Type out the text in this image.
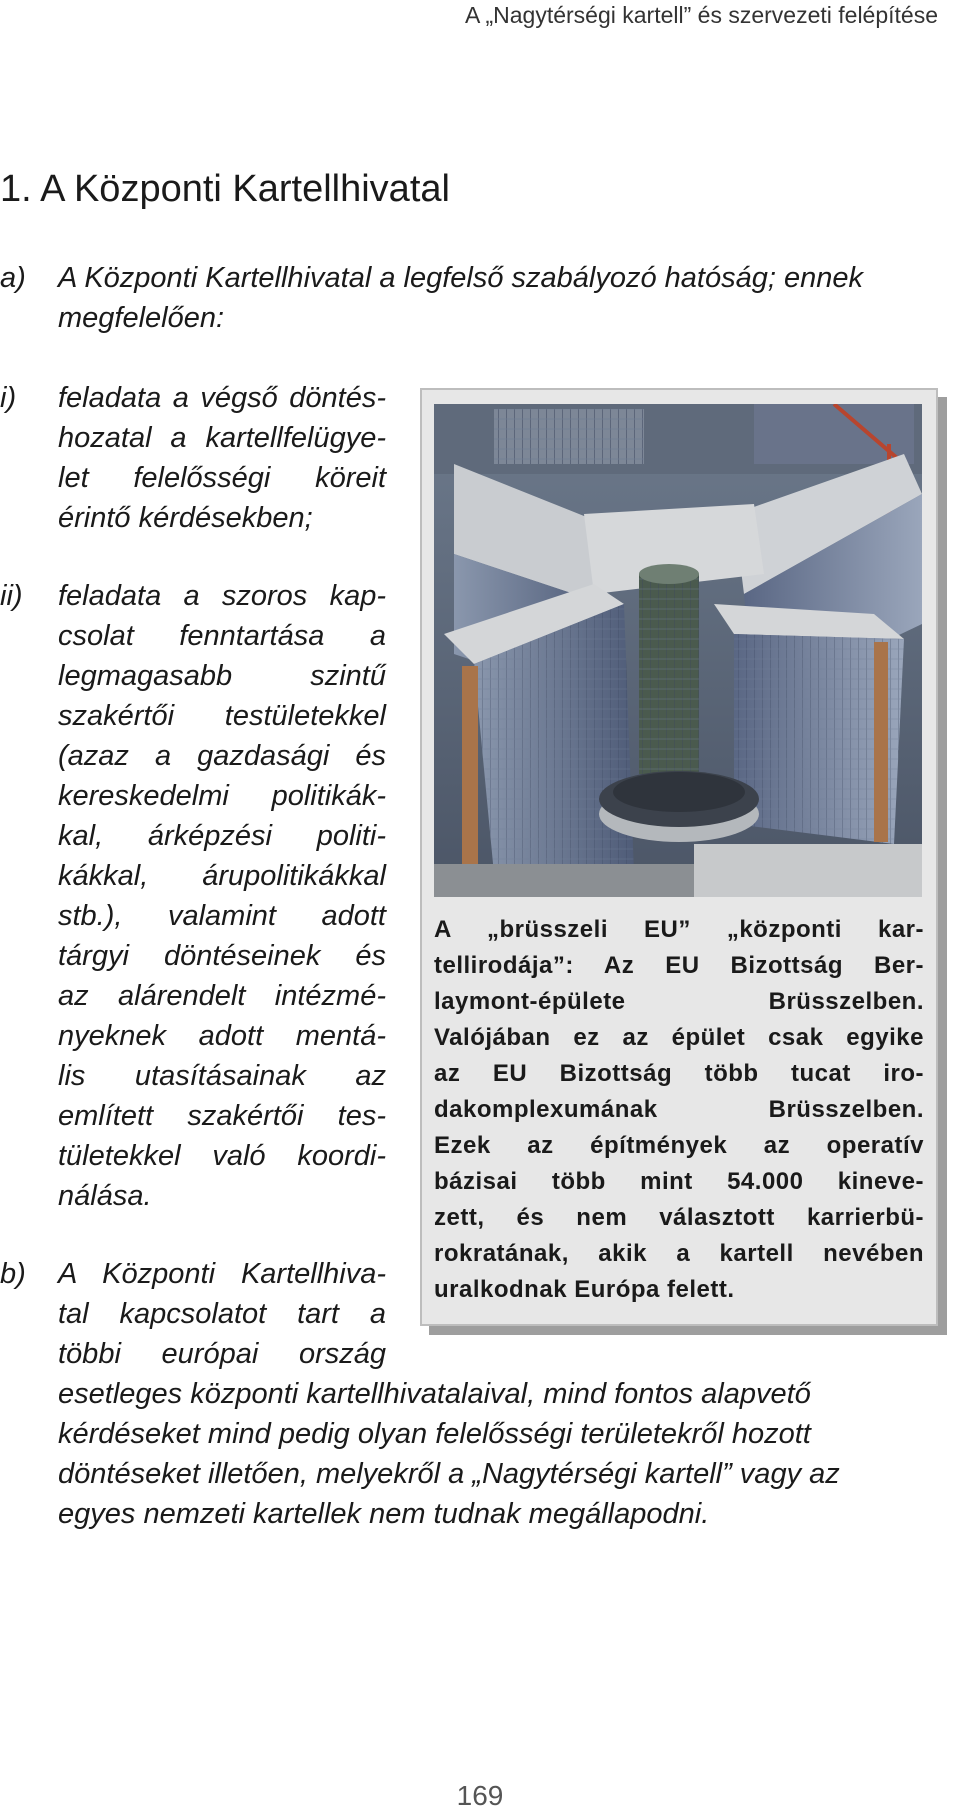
A „Nagytérségi kartell” és szervezeti felépítése
1. A Központi Kartellhivatal
a) A Központi Kartellhivatal a legfelső szabályozó hatóság; ennek
megfelelően:
i) feladata a végső döntés-
hozatal a kartellfelügye-
let felelősségi köreit
érintő kérdésekben;
ii) feladata a szoros kap-
csolat fenntartása a
legmagasabb szintű
szakértői testületekkel
(azaz a gazdasági és
kereskedelmi politikák-
kal, árképzési politi-
kákkal, árupolitikákkal
stb.), valamint adott
tárgyi döntéseinek és
az alárendelt intézmé-
nyeknek adott mentá-
lis utasításainak az
említett szakértői tes-
tületekkel való koordi-
nálása.
b) A Központi Kartellhiva-
tal kapcsolatot tart a
többi európai ország
esetleges központi kartellhivatalaival, mind fontos alapvető
kérdéseket mind pedig olyan felelősségi területekről hozott
döntéseket illetően, melyekről a „Nagytérségi kartell” vagy az
egyes nemzeti kartellek nem tudnak megállapodni.
A „brüsszeli EU” „központi kar-
tellirodája”: Az EU Bizottság Ber-
laymont-épülete Brüsszelben.
Valójában ez az épület csak egyike
az EU Bizottság több tucat iro-
dakomplexumának Brüsszelben.
Ezek az építmények az operatív
bázisai több mint 54.000 kineve-
zett, és nem választott karrierbü-
rokratának, akik a kartell nevében
uralkodnak Európa felett.
169
